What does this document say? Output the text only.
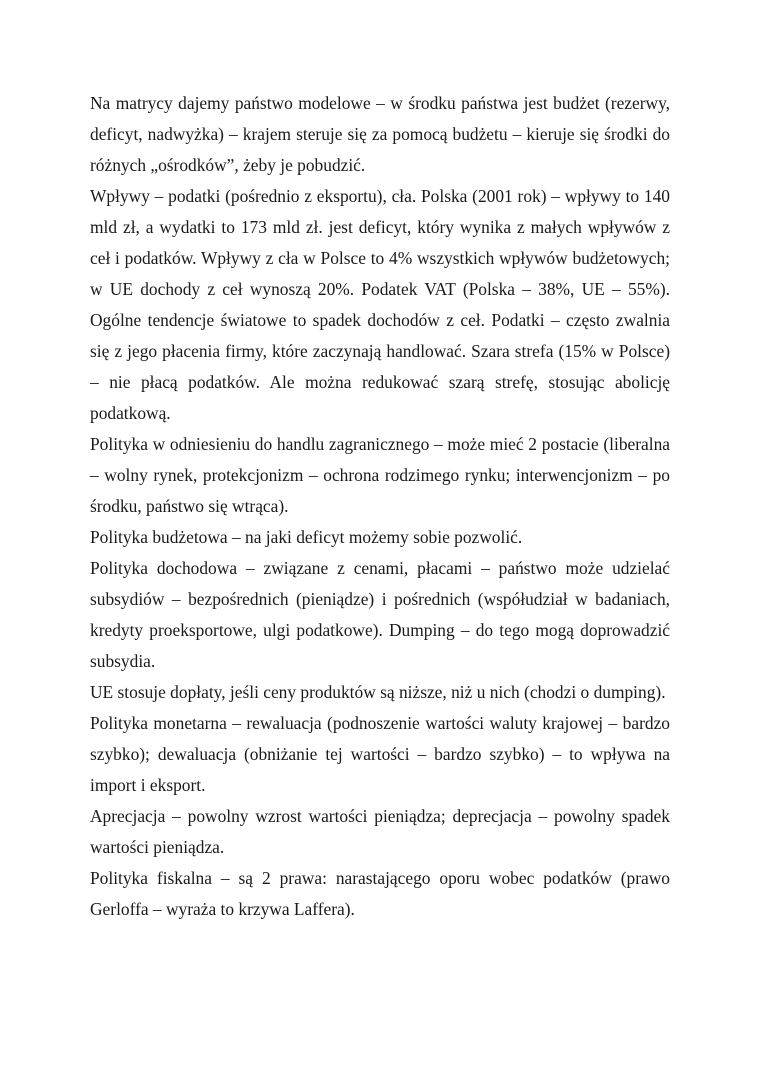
Na matrycy dajemy państwo modelowe – w środku państwa jest budżet (rezerwy, deficyt, nadwyżka) – krajem steruje się za pomocą budżetu – kieruje się środki do różnych „ośrodków”, żeby je pobudzić.

Wpływy – podatki (pośrednio z eksportu), cła. Polska (2001 rok) – wpływy to 140 mld zł, a wydatki to 173 mld zł. jest deficyt, który wynika z małych wpływów z ceł i podatków. Wpływy z cła w Polsce to 4% wszystkich wpływów budżetowych; w UE dochody z ceł wynoszą 20%. Podatek VAT (Polska – 38%, UE – 55%). Ogólne tendencje światowe to spadek dochodów z ceł. Podatki – często zwalnia się z jego płacenia firmy, które zaczynają handlować. Szara strefa (15% w Polsce) – nie płacą podatków. Ale można redukować szarą strefę, stosując abolicję podatkową.

Polityka w odniesieniu do handlu zagranicznego – może mieć 2 postacie (liberalna – wolny rynek, protekcjonizm – ochrona rodzimego rynku; interwencjonizm – po środku, państwo się wtrąca).

Polityka budżetowa – na jaki deficyt możemy sobie pozwolić.

Polityka dochodowa – związane z cenami, płacami – państwo może udzielać subsydiów – bezpośrednich (pieniądze) i pośrednich (współudział w badaniach, kredyty proeksportowe, ulgi podatkowe). Dumping – do tego mogą doprowadzić subsydia.

UE stosuje dopłaty, jeśli ceny produktów są niższe, niż u nich (chodzi o dumping).

Polityka monetarna – rewaluacja (podnoszenie wartości waluty krajowej – bardzo szybko); dewaluacja (obniżanie tej wartości – bardzo szybko) – to wpływa na import i eksport.

Aprecjacja – powolny wzrost wartości pieniądza; deprecjacja – powolny spadek wartości pieniądza.

Polityka fiskalna – są 2 prawa: narastającego oporu wobec podatków (prawo Gerloffa – wyraża to krzywa Laffera).
